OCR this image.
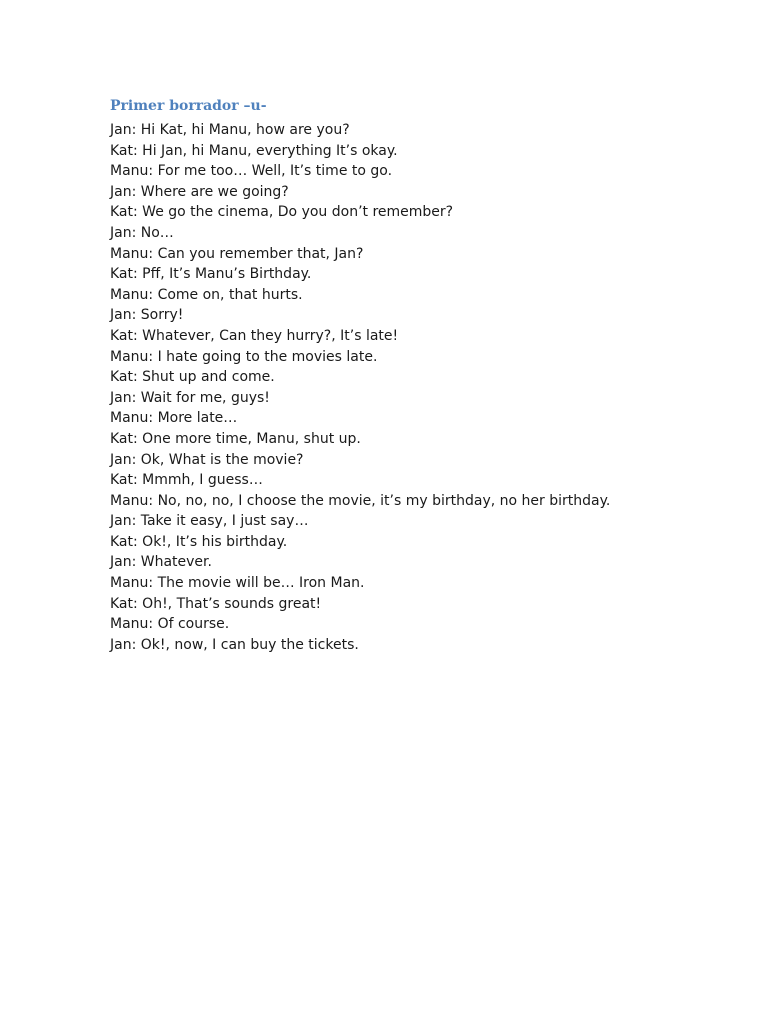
Primer borrador –u-
Jan: Hi Kat, hi Manu, how are you?
Kat: Hi Jan, hi Manu, everything It’s okay.
Manu: For me too… Well, It’s time to go.
Jan: Where are we going?
Kat: We go the cinema, Do you don’t remember?
Jan: No…
Manu: Can you remember that, Jan?
Kat: Pff, It’s Manu’s Birthday.
Manu: Come on, that hurts.
Jan: Sorry!
Kat: Whatever, Can they hurry?, It’s late!
Manu: I hate going to the movies late.
Kat: Shut up and come.
Jan: Wait for me, guys!
Manu: More late…
Kat: One more time, Manu, shut up.
Jan: Ok, What is the movie?
Kat: Mmmh, I guess…
Manu: No, no, no, I choose the movie, it’s my birthday, no her birthday.
Jan: Take it easy, I just say…
Kat: Ok!, It’s his birthday.
Jan: Whatever.
Manu: The movie will be… Iron Man.
Kat: Oh!, That’s sounds great!
Manu: Of course.
Jan: Ok!, now, I can buy the tickets.
